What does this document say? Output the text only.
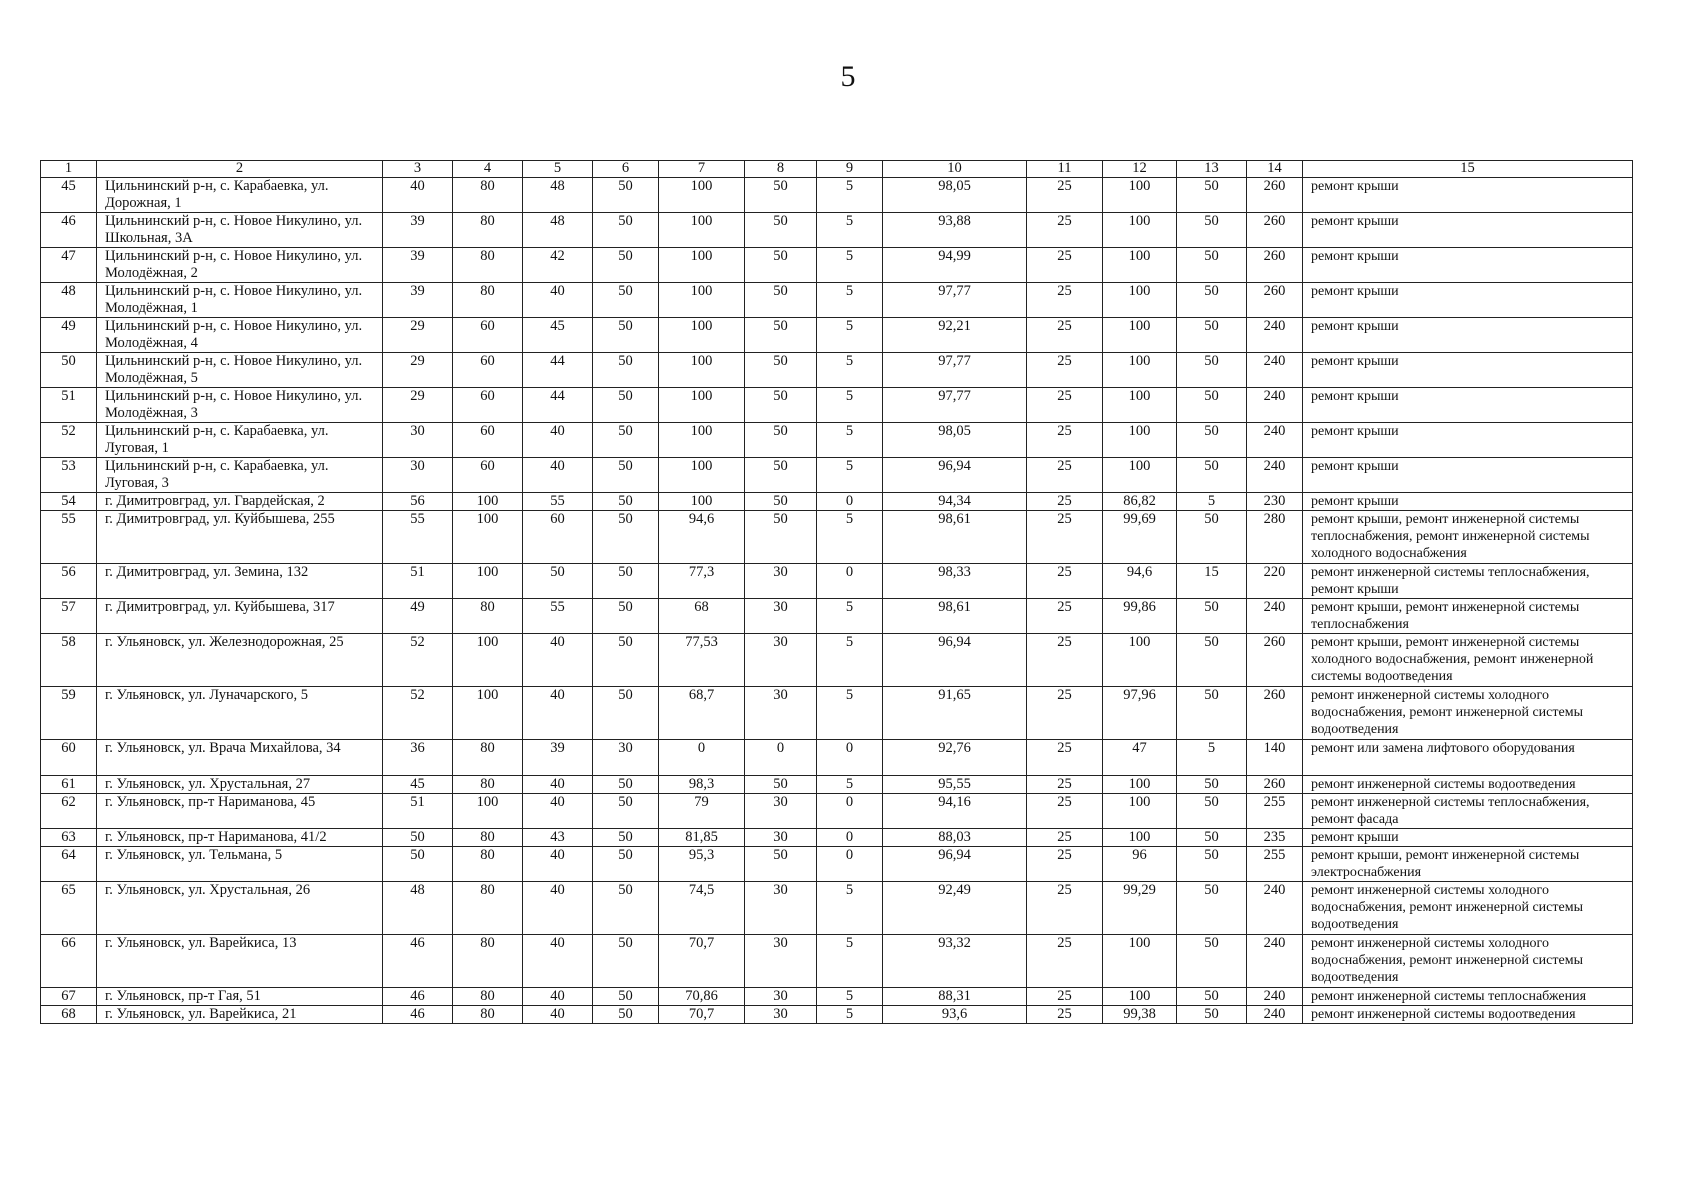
5
1	2	3	4	5	6	7	8	9	10	11	12	13	14	15
45	Цильнинский р-н, с. Карабаевка, ул. Дорожная, 1	40	80	48	50	100	50	5	98,05	25	100	50	260	ремонт крыши
46	Цильнинский р-н, с. Новое Никулино, ул. Школьная, 3А	39	80	48	50	100	50	5	93,88	25	100	50	260	ремонт крыши
47	Цильнинский р-н, с. Новое Никулино, ул. Молодёжная, 2	39	80	42	50	100	50	5	94,99	25	100	50	260	ремонт крыши
48	Цильнинский р-н, с. Новое Никулино, ул. Молодёжная, 1	39	80	40	50	100	50	5	97,77	25	100	50	260	ремонт крыши
49	Цильнинский р-н, с. Новое Никулино, ул. Молодёжная, 4	29	60	45	50	100	50	5	92,21	25	100	50	240	ремонт крыши
50	Цильнинский р-н, с. Новое Никулино, ул. Молодёжная, 5	29	60	44	50	100	50	5	97,77	25	100	50	240	ремонт крыши
51	Цильнинский р-н, с. Новое Никулино, ул. Молодёжная, 3	29	60	44	50	100	50	5	97,77	25	100	50	240	ремонт крыши
52	Цильнинский р-н, с. Карабаевка, ул. Луговая, 1	30	60	40	50	100	50	5	98,05	25	100	50	240	ремонт крыши
53	Цильнинский р-н, с. Карабаевка, ул. Луговая, 3	30	60	40	50	100	50	5	96,94	25	100	50	240	ремонт крыши
54	г. Димитровград, ул. Гвардейская, 2	56	100	55	50	100	50	0	94,34	25	86,82	5	230	ремонт крыши
55	г. Димитровград, ул. Куйбышева, 255	55	100	60	50	94,6	50	5	98,61	25	99,69	50	280	ремонт крыши, ремонт инженерной системы теплоснабжения, ремонт инженерной системы холодного водоснабжения
56	г. Димитровград, ул. Земина, 132	51	100	50	50	77,3	30	0	98,33	25	94,6	15	220	ремонт инженерной системы теплоснабжения, ремонт крыши
57	г. Димитровград, ул. Куйбышева, 317	49	80	55	50	68	30	5	98,61	25	99,86	50	240	ремонт крыши, ремонт инженерной системы теплоснабжения
58	г. Ульяновск, ул. Железнодорожная, 25	52	100	40	50	77,53	30	5	96,94	25	100	50	260	ремонт крыши, ремонт инженерной системы холодного водоснабжения, ремонт инженерной системы водоотведения
59	г. Ульяновск, ул. Луначарского, 5	52	100	40	50	68,7	30	5	91,65	25	97,96	50	260	ремонт инженерной системы холодного водоснабжения, ремонт инженерной системы водоотведения
60	г. Ульяновск, ул. Врача Михайлова, 34	36	80	39	30	0	0	0	92,76	25	47	5	140	ремонт или замена лифтового оборудования
61	г. Ульяновск, ул. Хрустальная, 27	45	80	40	50	98,3	50	5	95,55	25	100	50	260	ремонт инженерной системы водоотведения
62	г. Ульяновск, пр-т Нариманова, 45	51	100	40	50	79	30	0	94,16	25	100	50	255	ремонт инженерной системы теплоснабжения, ремонт фасада
63	г. Ульяновск, пр-т Нариманова, 41/2	50	80	43	50	81,85	30	0	88,03	25	100	50	235	ремонт крыши
64	г. Ульяновск, ул. Тельмана, 5	50	80	40	50	95,3	50	0	96,94	25	96	50	255	ремонт крыши, ремонт инженерной системы электроснабжения
65	г. Ульяновск, ул. Хрустальная, 26	48	80	40	50	74,5	30	5	92,49	25	99,29	50	240	ремонт инженерной системы холодного водоснабжения, ремонт инженерной системы водоотведения
66	г. Ульяновск, ул. Варейкиса, 13	46	80	40	50	70,7	30	5	93,32	25	100	50	240	ремонт инженерной системы холодного водоснабжения, ремонт инженерной системы водоотведения
67	г. Ульяновск, пр-т Гая, 51	46	80	40	50	70,86	30	5	88,31	25	100	50	240	ремонт инженерной системы теплоснабжения
68	г. Ульяновск, ул. Варейкиса, 21	46	80	40	50	70,7	30	5	93,6	25	99,38	50	240	ремонт инженерной системы водоотведения
